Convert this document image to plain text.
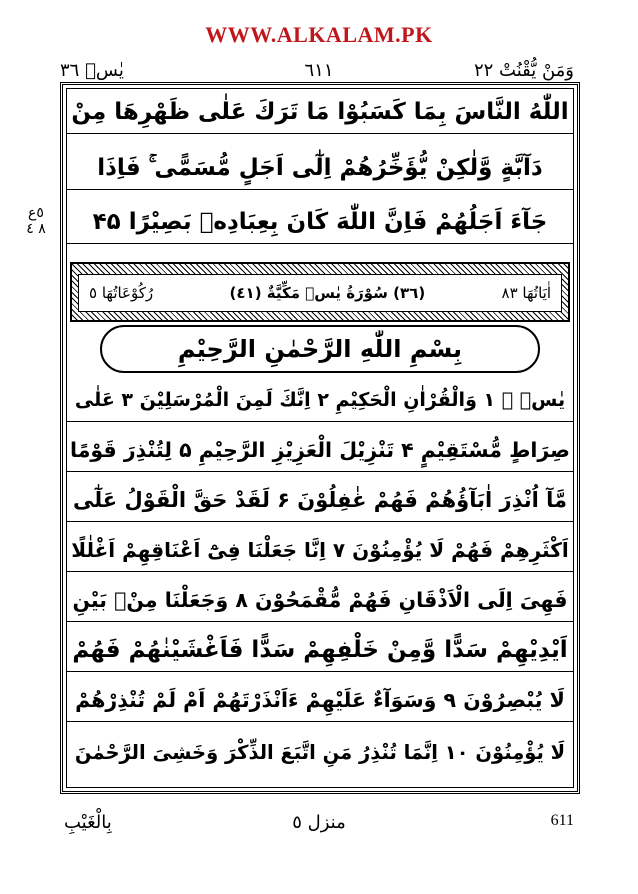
WWW.ALKALAM.PK
وَمَنْ يُّقْنُتْ ۲۲
٦١١
يٰسۤ ٣٦
٥ع ٨ ٤
اللّٰهُ النَّاسَ بِمَا كَسَبُوْا مَا تَرَكَ عَلٰى ظَهْرِهَا مِنْ
دَآبَّةٍ وَّلٰكِنْ يُّؤَخِّرُهُمْ اِلٰٓى اَجَلٍ مُّسَمًّى ۚ فَاِذَا
جَآءَ اَجَلُهُمْ فَاِنَّ اللّٰهَ كَانَ بِعِبَادِهٖ بَصِيْرًا ۴۵
اٰيَاتُهَا ٨٣
(٣٦) سُوْرَةُ يٰسۤ مَكِّيَّةٌ (٤١)
رُكُوْعَاتُهَا ٥
بِسْمِ اللّٰهِ الرَّحْمٰنِ الرَّحِيْمِ
يٰسۤ ۚ ۱ وَالْقُرْاٰنِ الْحَكِيْمِ ۲ اِنَّكَ لَمِنَ الْمُرْسَلِيْنَ ۳ عَلٰى
صِرَاطٍ مُّسْتَقِيْمٍ ۴ تَنْزِيْلَ الْعَزِيْزِ الرَّحِيْمِ ۵ لِتُنْذِرَ قَوْمًا
مَّآ اُنْذِرَ اٰبَآؤُهُمْ فَهُمْ غٰفِلُوْنَ ۶ لَقَدْ حَقَّ الْقَوْلُ عَلٰٓى
اَكْثَرِهِمْ فَهُمْ لَا يُؤْمِنُوْنَ ۷ اِنَّا جَعَلْنَا فِىْٓ اَعْنَاقِهِمْ اَغْلٰلًا
فَهِىَ اِلَى الْاَذْقَانِ فَهُمْ مُّقْمَحُوْنَ ۸ وَجَعَلْنَا مِنْۢ بَيْنِ
اَيْدِيْهِمْ سَدًّا وَّمِنْ خَلْفِهِمْ سَدًّا فَاَغْشَيْنٰهُمْ فَهُمْ
لَا يُبْصِرُوْنَ ۹ وَسَوَآءٌ عَلَيْهِمْ ءَاَنْذَرْتَهُمْ اَمْ لَمْ تُنْذِرْهُمْ
لَا يُؤْمِنُوْنَ ۱۰ اِنَّمَا تُنْذِرُ مَنِ اتَّبَعَ الذِّكْرَ وَخَشِىَ الرَّحْمٰنَ
بِالْغَيْبِ	منزل ٥	611
